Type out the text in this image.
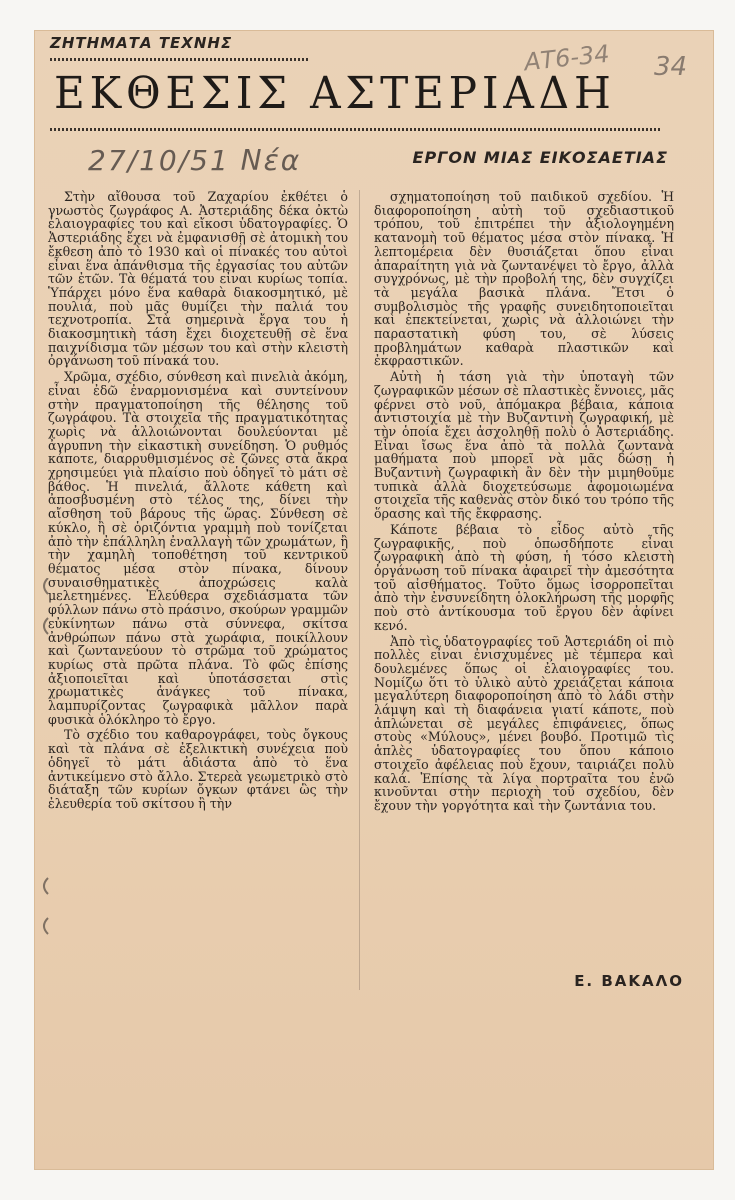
ΖΗΤΗΜΑΤΑ ΤΕΧΝΗΣ	ΑΤ6-34 34
ΕΚΘΕΣΙΣ ΑΣΤΕΡΙΑΔΗ
27/10/51 Νέα	ΕΡΓΟΝ ΜΙΑΣ ΕΙΚΟΣΑΕΤΙΑΣ

Στὴν αἴθουσα τοῦ Ζαχαρίου ἐκθέτει ὁ γνωστὸς ζωγράφος Α. Ἀστεριάδης δέκα ὀκτὼ ἐλαιογραφίες του καὶ εἴκοσι ὑδατογραφίες. Ὁ Ἀστεριάδης ἔχει νὰ ἐμφανισθῇ σὲ ἀτομικὴ του ἔκθεση ἀπὸ τὸ 1930 καὶ οἱ πίνακές του αὐτοὶ εἶναι ἕνα ἀπάνθισμα τῆς ἐργασίας του αὐτῶν τῶν ἐτῶν. Τὰ θέματά του εἶναι κυρίως τοπία. Ὑπάρχει μόνο ἕνα καθαρὰ διακοσμητικό, μὲ πουλιά, ποὺ μᾶς θυμίζει τὴν παλιά του τεχνοτροπία. Στὰ σημερινὰ ἔργα του ἡ διακοσμητικὴ τάση ἔχει διοχετευθῇ σὲ ἕνα παιχνίδισμα τῶν μέσων του καὶ στὴν κλειστὴ ὀργάνωση τοῦ πίνακά του.

Χρῶμα, σχέδιο, σύνθεση καὶ πινελιὰ ἀκόμη, εἶναι ἐδῶ ἐναρμονισμένα καὶ συντείνουν στὴν πραγματοποίηση τῆς θέλησης τοῦ ζωγράφου. Τὰ στοιχεῖα τῆς πραγματικότητας χωρὶς νὰ ἀλλοιώνονται δουλεύονται μὲ ἀγρυπνη τὴν εἰκαστικὴ συνείδηση. Ὁ ρυθμός κάποτε, διαρρυθμισμένος σὲ ζῶνες στὰ ἄκρα χρησιμεύει γιὰ πλαίσιο ποὺ ὁδηγεῖ τὸ μάτι σὲ βάθος. Ἡ πινελιά, ἄλλοτε κάθετη καὶ ἀποσβυσμένη στὸ τέλος της, δίνει τὴν αἴσθηση τοῦ βάρους τῆς ὥρας. Σύνθεση σὲ κύκλο, ἢ σὲ ὁριζόντια γραμμὴ ποὺ τονίζεται ἀπὸ τὴν ἐπάλληλη ἐναλλαγὴ τῶν χρωμάτων, ἢ τὴν χαμηλὴ τοποθέτηση τοῦ κεντρικοῦ θέματος μέσα στὸν πίνακα, δίνουν συναισθηματικὲς ἀποχρώσεις καλὰ μελετημένες. Ἐλεύθερα σχεδιάσματα τῶν φύλλων πάνω στὸ πράσινο, σκούρων γραμμῶν εὐκίνητων πάνω στὰ σύννεφα, σκίτσα ἀνθρώπων πάνω στὰ χωράφια, ποικίλλουν καὶ ζωντανεύουν τὸ στρῶμα τοῦ χρώματος κυρίως στὰ πρῶτα πλάνα. Τὸ φῶς ἐπίσης ἀξιοποιεῖται καὶ ὑποτάσσεται στὶς χρωματικὲς ἀνάγκες τοῦ πίνακα, λαμπυρίζοντας ζωγραφικὰ μᾶλλον παρὰ φυσικὰ ὁλόκληρο τὸ ἔργο.

Τὸ σχέδιο του καθαρογράφει, τοὺς ὄγκους καὶ τὰ πλάνα σὲ ἐξελικτικὴ συνέχεια ποὺ ὁδηγεῖ τὸ μάτι ἀδιάστα ἀπὸ τὸ ἕνα ἀντικείμενο στὸ ἄλλο. Στερεὰ γεωμετρικὸ στὸ διάταξη τῶν κυρίων ὄγκων φτάνει ὣς τὴν ἐλευθερία τοῦ σκίτσου ἢ τὴν

σχηματοποίηση τοῦ παιδικοῦ σχεδίου. Ἡ διαφοροποίηση αὐτὴ τοῦ σχεδιαστικοῦ τρόπου, τοῦ ἐπιτρέπει τὴν ἀξιολογημένη κατανομὴ τοῦ θέματος μέσα στὸν πίνακα. Ἡ λεπτομέρεια δὲν θυσιάζεται ὅπου εἶναι ἀπαραίτητη γιὰ νὰ ζωντανέψει τὸ ἔργο, ἀλλὰ συγχρόνως, μὲ τὴν προβολή της, δὲν συγχίζει τὰ μεγάλα βασικὰ πλάνα. Ἔτσι ὁ συμβολισμὸς τῆς γραφῆς συνειδητοποιεῖται καὶ ἐπεκτείνεται, χωρὶς νὰ ἀλλοιώνει τὴν παραστατικὴ φύση του, σὲ λύσεις προβλημάτων καθαρὰ πλαστικῶν καὶ ἐκφραστικῶν.

Αὐτὴ ἡ τάση γιὰ τὴν ὑποταγὴ τῶν ζωγραφικῶν μέσων σὲ πλαστικὲς ἔννοιες, μᾶς φέρνει στὸ νοῦ, ἀπόμακρα βέβαια, κάποια ἀντιστοιχία μὲ τὴν Βυζαντινὴ ζωγραφική, μὲ τὴν ὁποία ἔχει ἀσχοληθῇ πολὺ ὁ Ἀστεριάδης. Εἶναι ἴσως ἕνα ἀπὸ τὰ πολλὰ ζωντανὰ μαθήματα ποὺ μπορεῖ νὰ μᾶς δώσῃ ἡ Βυζαντινὴ ζωγραφικὴ ἂν δὲν τὴν μιμηθοῦμε τυπικὰ ἀλλὰ διοχετεύσωμε ἀφομοιωμένα στοιχεῖα τῆς καθενὰς στὸν δικό του τρόπο τῆς ὅρασης καὶ τῆς ἔκφρασης.

Κάποτε βέβαια τὸ εἶδος αὐτὸ τῆς ζωγραφικῆς, ποὺ ὁπωσδήποτε εἶναι ζωγραφικὴ ἀπὸ τὴ φύση, ἡ τόσο κλειστὴ ὀργάνωση τοῦ πίνακα ἀφαιρεῖ τὴν ἀμεσότητα τοῦ αἰσθήματος. Τοῦτο ὅμως ἰσορροπεῖται ἀπὸ τὴν ἐνσυνείδητη ὁλοκλήρωση τῆς μορφῆς ποὺ στὸ ἀντίκουσμα τοῦ ἔργου δὲν ἀφίνει κενό.

Ἀπὸ τὶς ὑδατογραφίες τοῦ Ἀστεριάδη οἱ πιὸ πολλὲς εἶναι ἐνισχυμένες μὲ τέμπερα καὶ δουλεμένες ὅπως οἱ ἐλαιογραφίες του. Νομίζω ὅτι τὸ ὑλικὸ αὐτὸ χρειάζεται κάποια μεγαλύτερη διαφοροποίηση ἀπὸ τὸ λάδι στὴν λάμψη καὶ τὴ διαφάνεια γιατί κάποτε, ποὺ ἁπλώνεται σὲ μεγάλες ἐπιφάνειες, ὅπως στοὺς «Μύλους», μένει βουβό. Προτιμῶ τὶς ἁπλὲς ὑδατογραφίες του ὅπου κάποιο στοιχεῖο ἀφέλειας ποὺ ἔχουν, ταιριάζει πολὺ καλά. Ἐπίσης τὰ λίγα πορτραῖτα του ἐνῶ κινοῦνται στὴν περιοχὴ τοῦ σχεδίου, δὲν ἔχουν τὴν γοργότητα καὶ τὴν ζωντάνια του.

Ε. ΒΑΚΑΛΟ
